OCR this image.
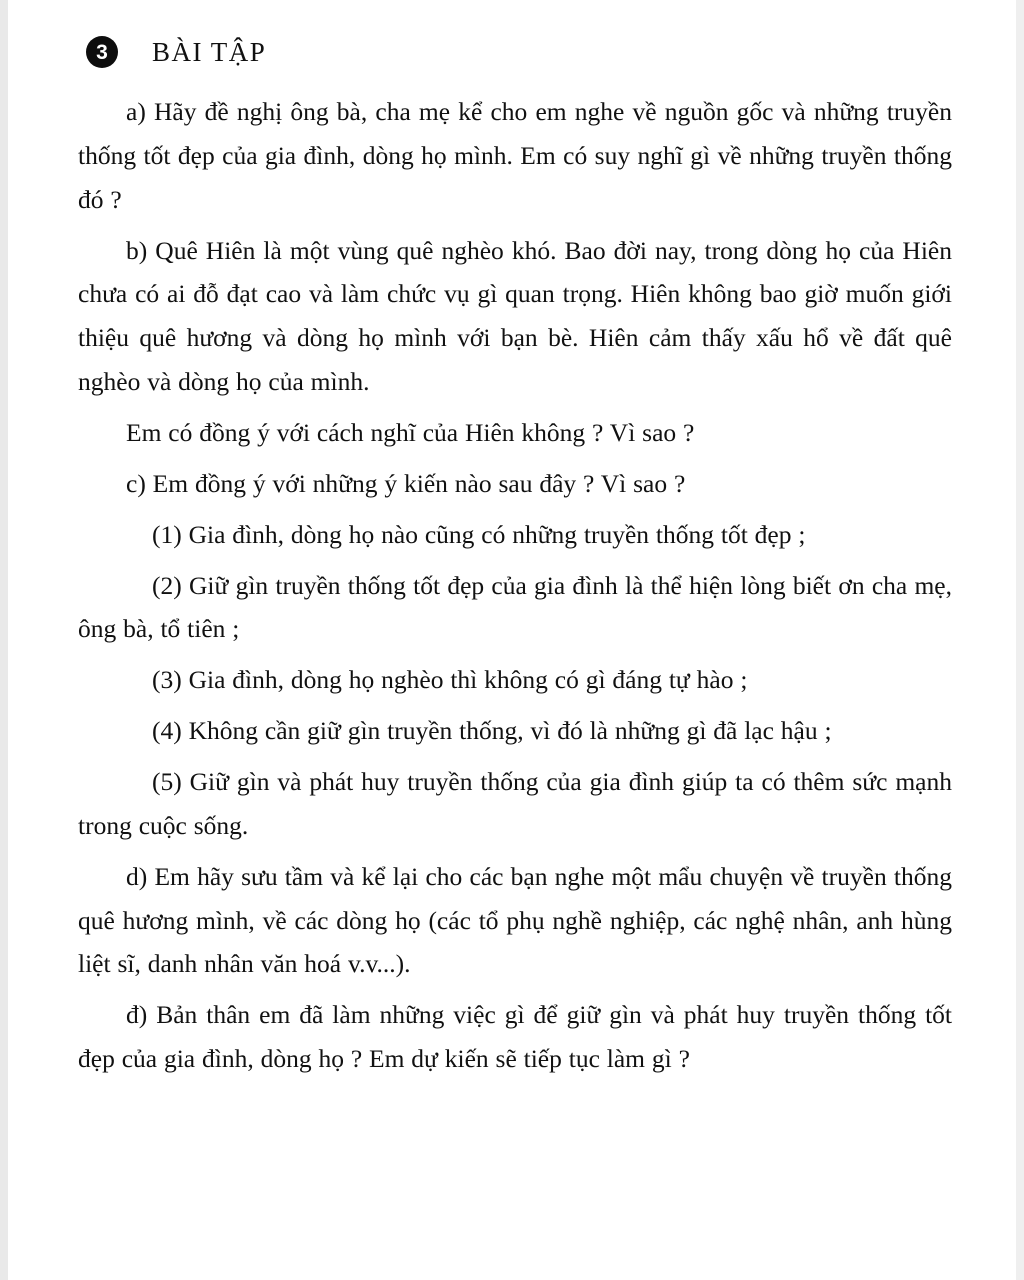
3	BÀI TẬP

a) Hãy đề nghị ông bà, cha mẹ kể cho em nghe về nguồn gốc và những truyền thống tốt đẹp của gia đình, dòng họ mình. Em có suy nghĩ gì về những truyền thống đó ?

b) Quê Hiên là một vùng quê nghèo khó. Bao đời nay, trong dòng họ của Hiên chưa có ai đỗ đạt cao và làm chức vụ gì quan trọng. Hiên không bao giờ muốn giới thiệu quê hương và dòng họ mình với bạn bè. Hiên cảm thấy xấu hổ về đất quê nghèo và dòng họ của mình.

Em có đồng ý với cách nghĩ của Hiên không ? Vì sao ?

c) Em đồng ý với những ý kiến nào sau đây ? Vì sao ?

(1) Gia đình, dòng họ nào cũng có những truyền thống tốt đẹp ;

(2) Giữ gìn truyền thống tốt đẹp của gia đình là thể hiện lòng biết ơn cha mẹ, ông bà, tổ tiên ;

(3) Gia đình, dòng họ nghèo thì không có gì đáng tự hào ;

(4) Không cần giữ gìn truyền thống, vì đó là những gì đã lạc hậu ;

(5) Giữ gìn và phát huy truyền thống của gia đình giúp ta có thêm sức mạnh trong cuộc sống.

d) Em hãy sưu tầm và kể lại cho các bạn nghe một mẩu chuyện về truyền thống quê hương mình, về các dòng họ (các tổ phụ nghề nghiệp, các nghệ nhân, anh hùng liệt sĩ, danh nhân văn hoá v.v...).

đ) Bản thân em đã làm những việc gì để giữ gìn và phát huy truyền thống tốt đẹp của gia đình, dòng họ ? Em dự kiến sẽ tiếp tục làm gì ?
